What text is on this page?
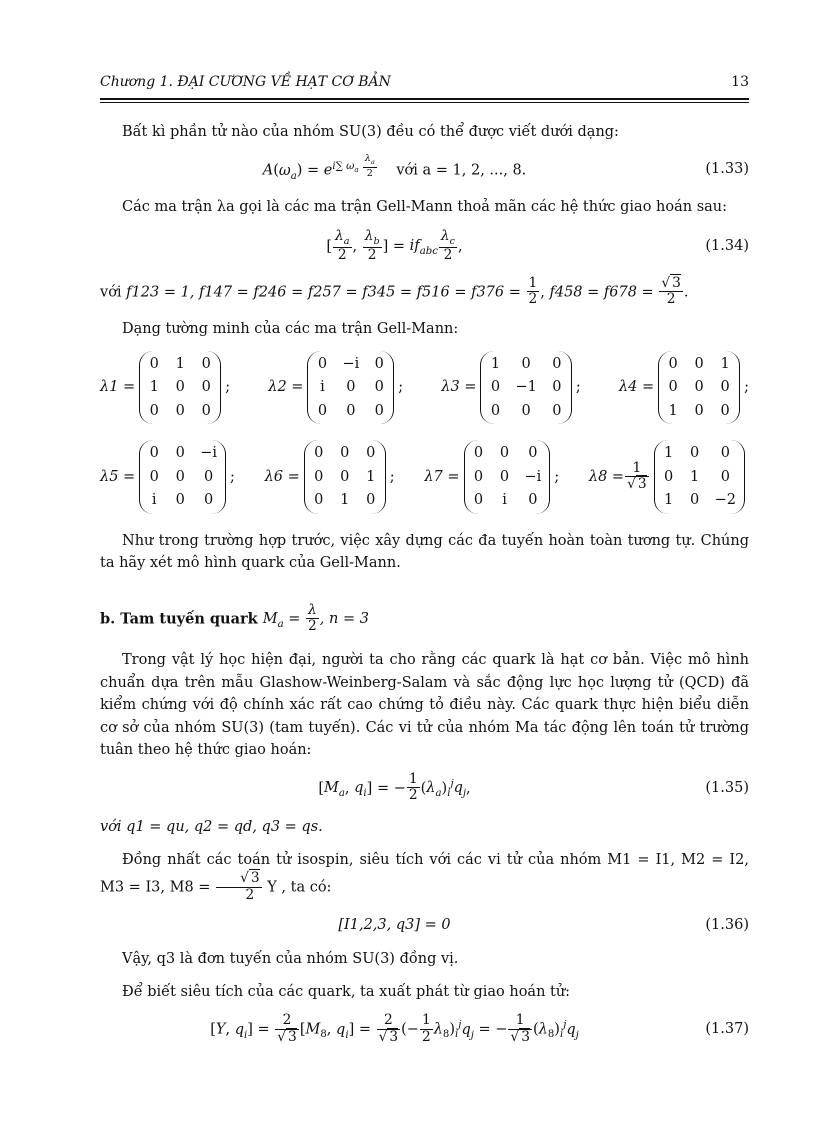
Chương 1. ĐẠI CƯƠNG VỀ HẠT CƠ BẢN	13

Bất kì phần tử nào của nhóm SU(3) đều có thể được viết dưới dạng:

$A(\omega_a) = e^{i\sum \omega_a \frac{\lambda_a}{2}}$ với a = 1, 2, ..., 8.	(1.33)

Các ma trận λa gọi là các ma trận Gell-Mann thoả mãn các hệ thức giao hoán sau:

[ $\frac{\lambda_a}{2}$ , $\frac{\lambda_b}{2}$ ] = $if_{abc} \frac{\lambda_c}{2}$ ,	(1.34)

với f123 = 1, $f147 = f246 = f257 = f345 = f516 = f376 = \frac{1}{2}$ , $f458 = f678 = \frac{√ 3}{2}$ .

Dạng tường minh của các ma trận Gell-Mann:

λ1 =
0 1 0
1 0 0
0 0 0
;	λ2 =
0 −i 0
i 0 0
0 0 0
;	λ3 =
1	0	0
0 −1 0
0	0	0
;	λ4 =
0 0 1
0 0 0
1 0 0
;
λ5 =
0 0 −i
0 0 0
i 0 0
; λ6 =
0 0 0
0 0 1
0 1 0
; λ7 =
0 0 0
0 0 −i
0 i 0
; $\lambda 8 = \frac{1}{√ 3}$
1 0	0
0 1	0
1 0 −2

Như trong trường hợp trước, việc xây dựng các đa tuyến hoàn toàn tương tự. Chúng ta hãy xét mô hình quark của Gell-Mann.

b. Tam tuyến quark $M_a = \frac{\lambda}{2}$ , n = 3

Trong vật lý học hiện đại, người ta cho rằng các quark là hạt cơ bản. Việc mô hình chuẩn dựa trên mẫu Glashow-Weinberg-Salam và sắc động lực học lượng tử (QCD) đã kiểm chứng với độ chính xác rất cao chứng tỏ điều này. Các quark thực hiện biểu diễn cơ sở của nhóm SU(3) (tam tuyến). Các vi tử của nhóm Ma tác động lên toán tử trường tuân theo hệ thức giao hoán:

[$M_a$, $q_i$] = − $\frac{1}{2} (\lambda_a)_i^jq_j$,	(1.35)

với q1 = qu, q2 = qd, q3 = qs.

Đồng nhất các toán tử isospin, siêu tích với các vi tử của nhóm M1 = I1, M2 = I2, M3 = I3, $M8 = \frac{√ 3}{2}$ Y , ta có:

[I1,2,3, q3] = 0	(1.36)

Vậy, q3 là đơn tuyến của nhóm SU(3) đồng vị.

Để biết siêu tích của các quark, ta xuất phát từ giao hoán tử:

[Y, $q_i] = \frac{2}{√ 3} [M_8$, $q_i] = \frac{2}{√ 3}$ (− $\frac{1}{2} \lambda_8)_i^jq_j$ = − $\frac{1}{√ 3} (\lambda_8)_i^jq_j$	(1.37)
